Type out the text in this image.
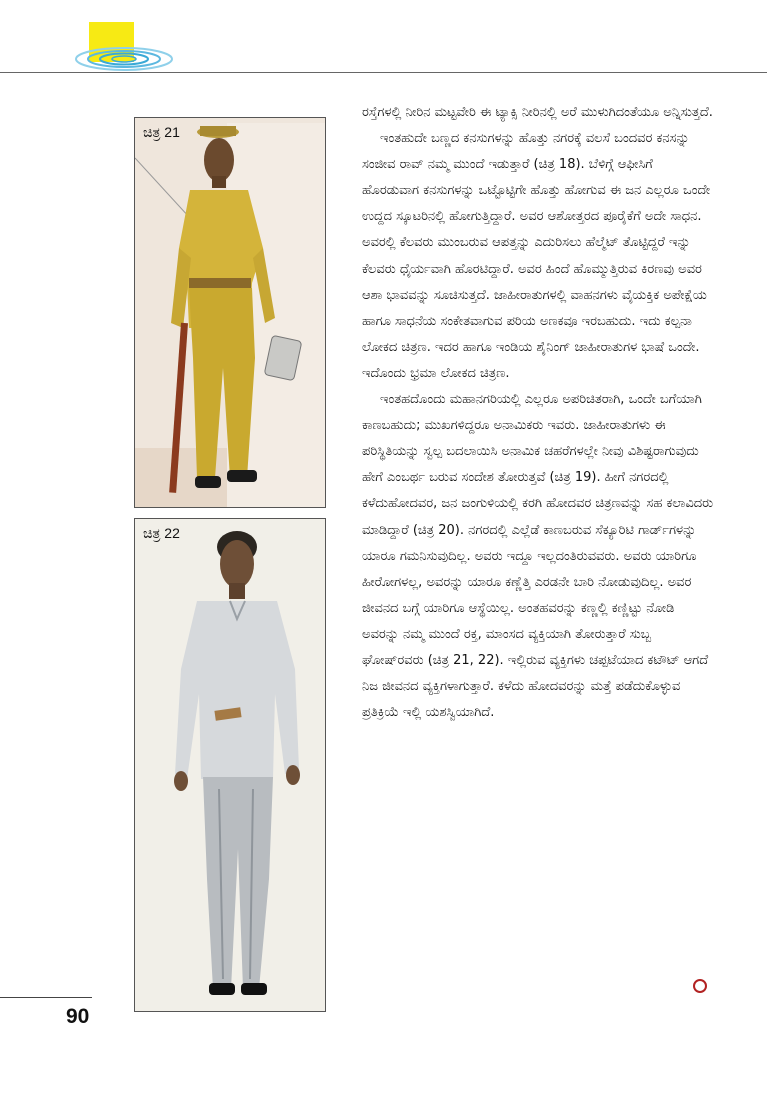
ಚಿತ್ರ 21
ಚಿತ್ರ 22

ರಸ್ತೆಗಳಲ್ಲಿ ನೀರಿನ ಮಟ್ಟವೇರಿ ಈ ಟ್ಯಾಕ್ಸಿ ನೀರಿನಲ್ಲಿ ಅರೆ ಮುಳುಗಿದಂತೆಯೂ ಅನ್ನಿಸುತ್ತದೆ.

ಇಂತಹುದೇ ಬಣ್ಣದ ಕನಸುಗಳನ್ನು ಹೊತ್ತು ನಗರಕ್ಕೆ ವಲಸೆ ಬಂದವರ ಕನಸನ್ನು ಸಂಜೀವ ರಾವ್ ನಮ್ಮ ಮುಂದೆ ಇಡುತ್ತಾರೆ (ಚಿತ್ರ 18). ಬೆಳಿಗ್ಗೆ ಆಫೀಸಿಗೆ ಹೊರಡುವಾಗ ಕನಸುಗಳನ್ನು ಒಟ್ಟೊಟ್ಟಿಗೇ ಹೊತ್ತು ಹೋಗುವ ಈ ಜನ ಎಲ್ಲರೂ ಒಂದೇ ಉದ್ದದ ಸ್ಕೂಟರಿನಲ್ಲಿ ಹೋಗುತ್ತಿದ್ದಾರೆ. ಅವರ ಆಶೋತ್ತರದ ಪೂರೈಕೆಗೆ ಅದೇ ಸಾಧನ. ಅವರಲ್ಲಿ ಕೆಲವರು ಮುಂಬರುವ ಆಪತ್ತನ್ನು ಎದುರಿಸಲು ಹೆಲ್ಮೆಟ್ ತೊಟ್ಟಿದ್ದರೆ ಇನ್ನು ಕೆಲವರು ಧೈರ್ಯವಾಗಿ ಹೊರಟಿದ್ದಾರೆ. ಅವರ ಹಿಂದೆ ಹೊಮ್ಮುತ್ತಿರುವ ಕಿರಣವು ಅವರ ಆಶಾ ಭಾವವನ್ನು ಸೂಚಿಸುತ್ತದೆ. ಜಾಹೀರಾತುಗಳಲ್ಲಿ ವಾಹನಗಳು ವೈಯಕ್ತಿಕ ಅಪೇಕ್ಷೆಯ ಹಾಗೂ ಸಾಧನೆಯ ಸಂಕೇತವಾಗುವ ಪರಿಯ ಅಣಕವೂ ಇರಬಹುದು. ಇದು ಕಲ್ಪನಾ ಲೋಕದ ಚಿತ್ರಣ. ಇದರ ಹಾಗೂ ಇಂಡಿಯ ಶೈನಿಂಗ್ ಜಾಹೀರಾತುಗಳ ಭಾಷೆ ಒಂದೇ. ಇದೊಂದು ಭ್ರಮಾ ಲೋಕದ ಚಿತ್ರಣ.

ಇಂತಹದೊಂದು ಮಹಾನಗರಿಯಲ್ಲಿ ಎಲ್ಲರೂ ಅಪರಿಚಿತರಾಗಿ, ಒಂದೇ ಬಗೆಯಾಗಿ ಕಾಣಬಹುದು; ಮುಖಗಳಿದ್ದರೂ ಅನಾಮಿಕರು ಇವರು. ಜಾಹೀರಾತುಗಳು ಈ ಪರಿಸ್ಥಿತಿಯನ್ನು ಸ್ವಲ್ಪ ಬದಲಾಯಿಸಿ ಅನಾಮಿಕ ಚಹರೆಗಳಲ್ಲೇ ನೀವು ವಿಶಿಷ್ಟರಾಗುವುದು ಹೇಗೆ ಎಂಬರ್ಥ ಬರುವ ಸಂದೇಶ ತೋರುತ್ತವೆ (ಚಿತ್ರ 19). ಹೀಗೆ ನಗರದಲ್ಲಿ ಕಳೆದುಹೋದವರ, ಜನ ಜಂಗುಳಿಯಲ್ಲಿ ಕರಗಿ ಹೋದವರ ಚಿತ್ರಣವನ್ನು ಸಹ ಕಲಾವಿದರು ಮಾಡಿದ್ದಾರೆ (ಚಿತ್ರ 20). ನಗರದಲ್ಲಿ ಎಲ್ಲೆಡೆ ಕಾಣಬರುವ ಸೆಕ್ಯೂರಿಟಿ ಗಾರ್ಡ್‍ಗಳನ್ನು ಯಾರೂ ಗಮನಿಸುವುದಿಲ್ಲ. ಅವರು ಇದ್ದೂ ಇಲ್ಲದಂತಿರುವವರು. ಅವರು ಯಾರಿಗೂ ಹೀರೋಗಳಲ್ಲ, ಅವರನ್ನು ಯಾರೂ ಕಣ್ಣೆತ್ತಿ ಎರಡನೇ ಬಾರಿ ನೋಡುವುದಿಲ್ಲ. ಅವರ ಜೀವನದ ಬಗ್ಗೆ ಯಾರಿಗೂ ಆಸ್ಥೆಯಿಲ್ಲ. ಅಂತಹವರನ್ನು ಕಣ್ಣಲ್ಲಿ ಕಣ್ಣಿಟ್ಟು ನೋಡಿ ಅವರನ್ನು ನಮ್ಮ ಮುಂದೆ ರಕ್ತ, ಮಾಂಸದ ವ್ಯಕ್ತಿಯಾಗಿ ತೋರುತ್ತಾರೆ ಸುಬ್ಬ ಘೋಷ್‌ರವರು (ಚಿತ್ರ 21, 22). ಇಲ್ಲಿರುವ ವ್ಯಕ್ತಿಗಳು ಚಪ್ಪಟೆಯಾದ ಕಟೌಟ್ ಆಗದೆ ನಿಜ ಜೀವನದ ವ್ಯಕ್ತಿಗಳಾಗುತ್ತಾರೆ. ಕಳೆದು ಹೋದವರನ್ನು ಮತ್ತೆ ಪಡೆದುಕೊಳ್ಳುವ ಪ್ರತಿಕ್ರಿಯೆ ಇಲ್ಲಿ ಯಶಸ್ವಿಯಾಗಿದೆ.

90
